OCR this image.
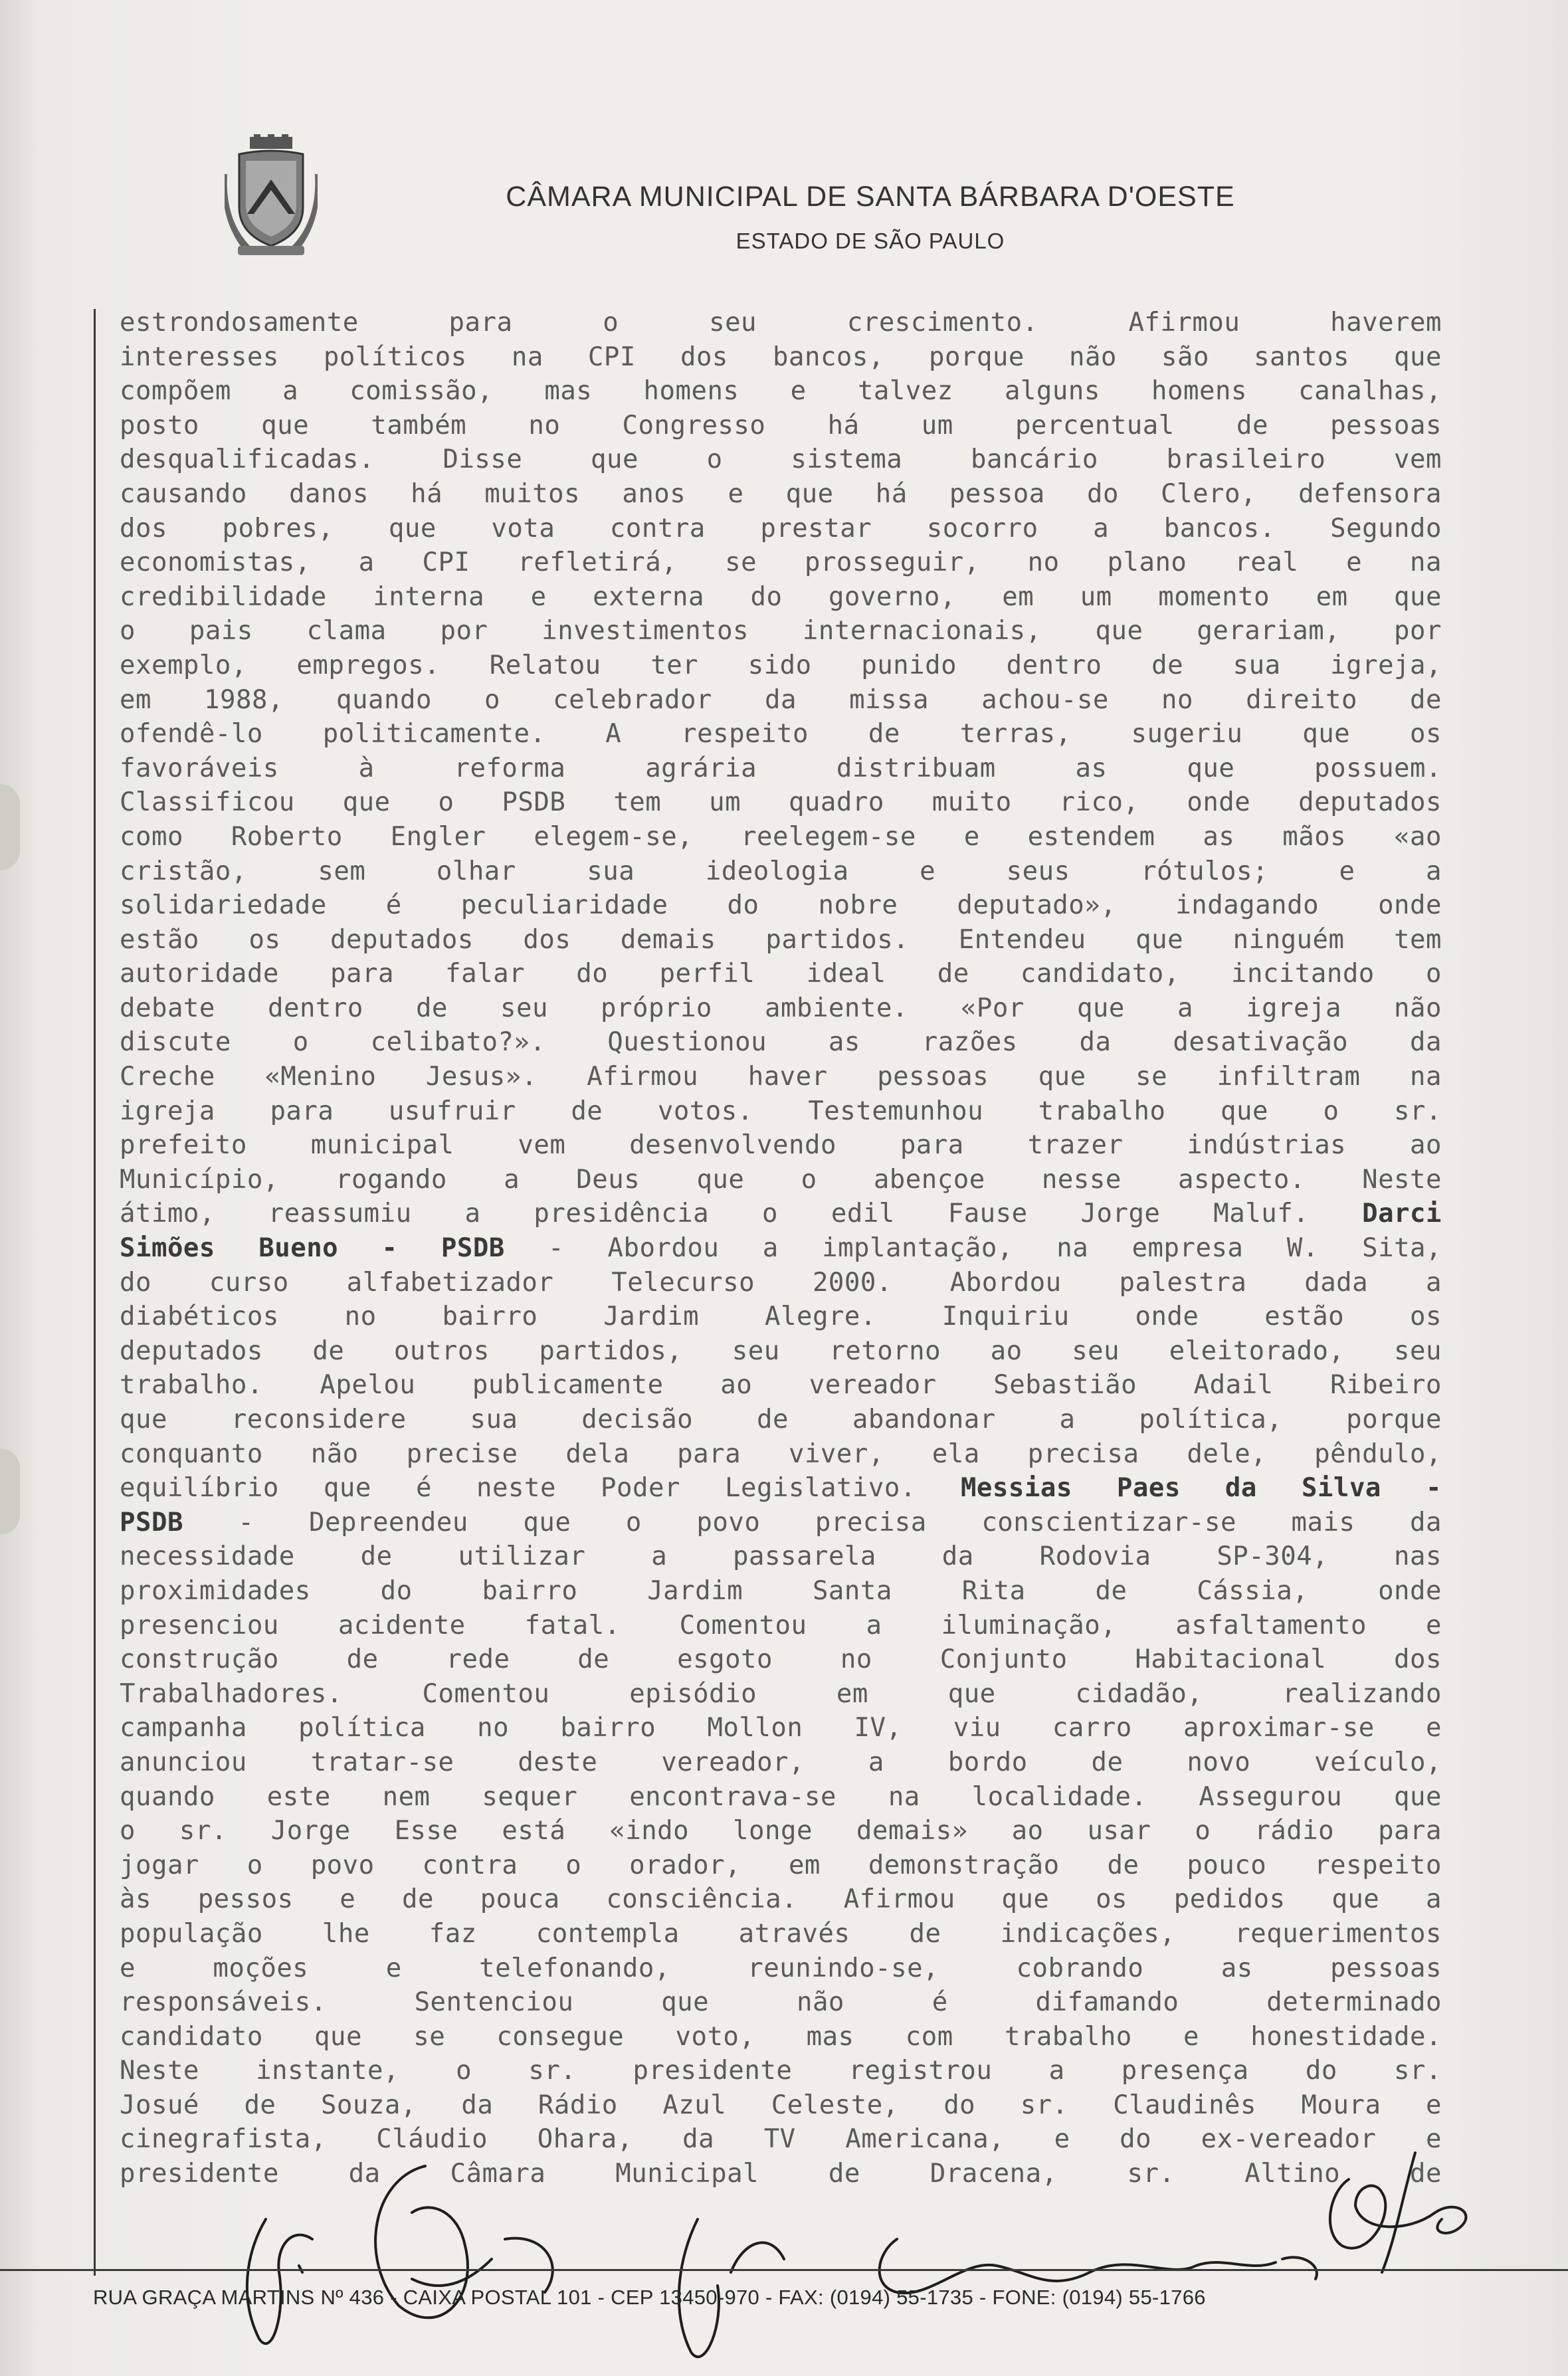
CÂMARA MUNICIPAL DE SANTA BÁRBARA D'OESTE
ESTADO DE SÃO PAULO
estrondosamente para o seu crescimento. Afirmou haverem
interesses políticos na CPI dos bancos, porque não são santos que
compõem a comissão, mas homens e talvez alguns homens canalhas,
posto que também no Congresso há um percentual de pessoas
desqualificadas. Disse que o sistema bancário brasileiro vem
causando danos há muitos anos e que há pessoa do Clero, defensora
dos pobres, que vota contra prestar socorro a bancos. Segundo
economistas, a CPI refletirá, se prosseguir, no plano real e na
credibilidade interna e externa do governo, em um momento em que
o pais clama por investimentos internacionais, que gerariam, por
exemplo, empregos. Relatou ter sido punido dentro de sua igreja,
em 1988, quando o celebrador da missa achou-se no direito de
ofendê-lo politicamente. A respeito de terras, sugeriu que os
favoráveis à reforma agrária distribuam as que possuem.
Classificou que o PSDB tem um quadro muito rico, onde deputados
como Roberto Engler elegem-se, reelegem-se e estendem as mãos «ao
cristão, sem olhar sua ideologia e seus rótulos; e a
solidariedade é peculiaridade do nobre deputado», indagando onde
estão os deputados dos demais partidos. Entendeu que ninguém tem
autoridade para falar do perfil ideal de candidato, incitando o
debate dentro de seu próprio ambiente. «Por que a igreja não
discute o celibato?». Questionou as razões da desativação da
Creche «Menino Jesus». Afirmou haver pessoas que se infiltram na
igreja para usufruir de votos. Testemunhou trabalho que o sr.
prefeito municipal vem desenvolvendo para trazer indústrias ao
Município, rogando a Deus que o abençoe nesse aspecto. Neste
átimo, reassumiu a presidência o edil Fause Jorge Maluf. Darci
Simões Bueno - PSDB - Abordou a implantação, na empresa W. Sita,
do curso alfabetizador Telecurso 2000. Abordou palestra dada a
diabéticos no bairro Jardim Alegre. Inquiriu onde estão os
deputados de outros partidos, seu retorno ao seu eleitorado, seu
trabalho. Apelou publicamente ao vereador Sebastião Adail Ribeiro
que reconsidere sua decisão de abandonar a política, porque
conquanto não precise dela para viver, ela precisa dele, pêndulo,
equilíbrio que é neste Poder Legislativo. Messias Paes da Silva -
PSDB - Depreendeu que o povo precisa conscientizar-se mais da
necessidade de utilizar a passarela da Rodovia SP-304, nas
proximidades do bairro Jardim Santa Rita de Cássia, onde
presenciou acidente fatal. Comentou a iluminação, asfaltamento e
construção de rede de esgoto no Conjunto Habitacional dos
Trabalhadores. Comentou episódio em que cidadão, realizando
campanha política no bairro Mollon IV, viu carro aproximar-se e
anunciou tratar-se deste vereador, a bordo de novo veículo,
quando este nem sequer encontrava-se na localidade. Assegurou que
o sr. Jorge Esse está «indo longe demais» ao usar o rádio para
jogar o povo contra o orador, em demonstração de pouco respeito
às pessos e de pouca consciência. Afirmou que os pedidos que a
população lhe faz contempla através de indicações, requerimentos
e moções e telefonando, reunindo-se, cobrando as pessoas
responsáveis. Sentenciou que não é difamando determinado
candidato que se consegue voto, mas com trabalho e honestidade.
Neste instante, o sr. presidente registrou a presença do sr.
Josué de Souza, da Rádio Azul Celeste, do sr. Claudinês Moura e
cinegrafista, Cláudio Ohara, da TV Americana, e do ex-vereador e
presidente da Câmara Municipal de Dracena, sr. Altino de
RUA GRAÇA MARTINS Nº 436 - CAIXA POSTAL 101 - CEP 13450-970 - FAX: (0194) 55-1735 - FONE: (0194) 55-1766
